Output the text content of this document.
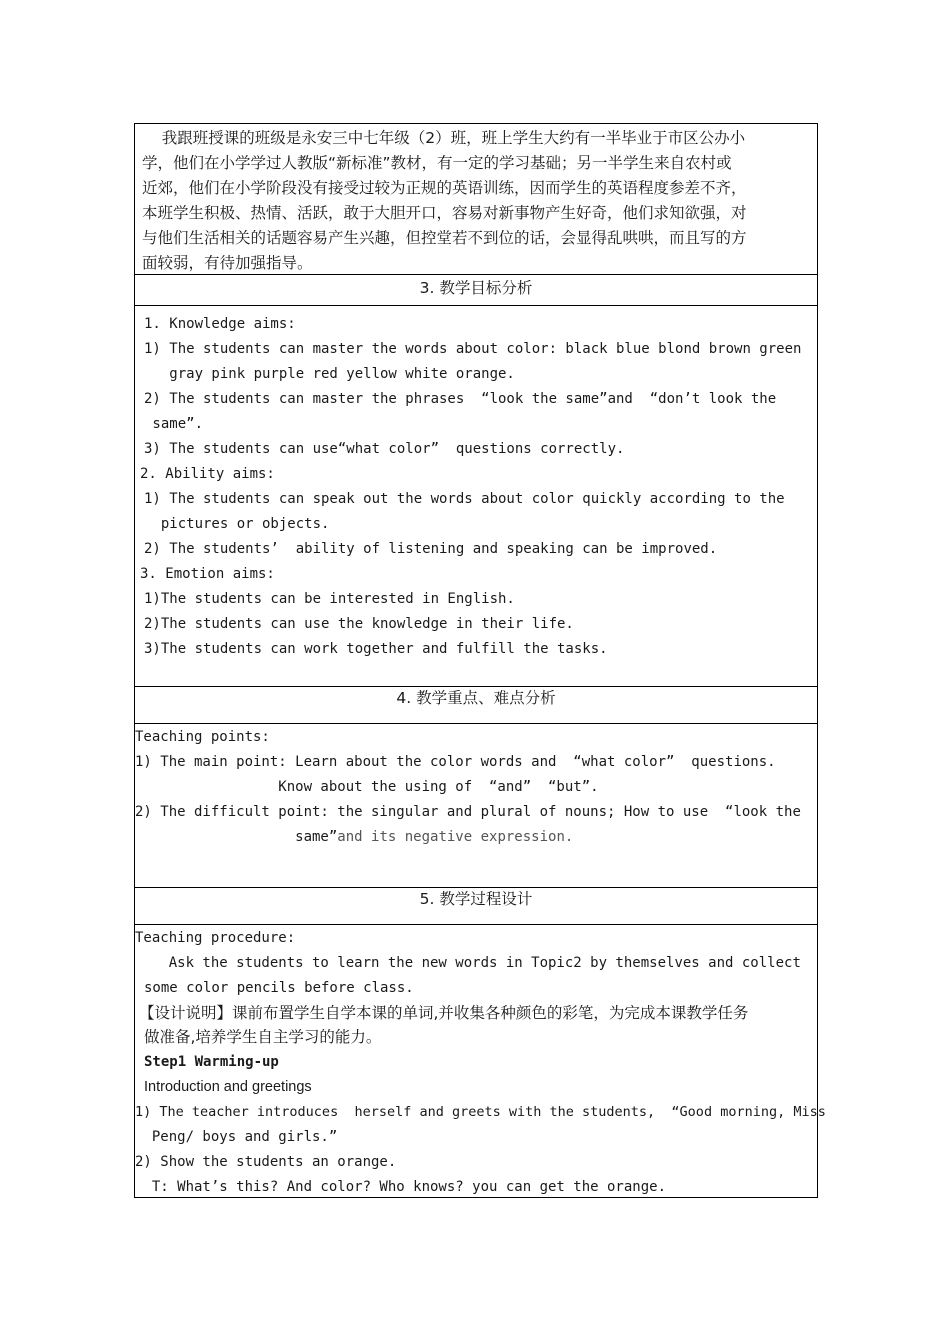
我跟班授课的班级是永安三中七年级（2）班，班上学生大约有一半毕业于市区公办小
学，他们在小学学过人教版“新标准”教材，有一定的学习基础；另一半学生来自农村或
近郊，他们在小学阶段没有接受过较为正规的英语训练，因而学生的英语程度参差不齐，
本班学生积极、热情、活跃，敢于大胆开口，容易对新事物产生好奇，他们求知欲强，对
与他们生活相关的话题容易产生兴趣，但控堂若不到位的话，会显得乱哄哄，而且写的方
面较弱，有待加强指导。
3. 教学目标分析
1. Knowledge aims:
1) The students can master the words about color: black blue blond brown green
gray pink purple red yellow white orange.
2) The students can master the phrases  “look the same”and  “don’t look the
same”.
3) The students can use“what color”  questions correctly.
2. Ability aims:
1) The students can speak out the words about color quickly according to the
pictures or objects.
2) The students’  ability of listening and speaking can be improved.
3. Emotion aims:
1)The students can be interested in English.
2)The students can use the knowledge in their life.
3)The students can work together and fulfill the tasks.
4. 教学重点、难点分析
Teaching points:
1) The main point: Learn about the color words and  “what color”  questions.
Know about the using of  “and”  “but”.
2) The difficult point: the singular and plural of nouns; How to use  “look the
same”and its negative expression.
5. 教学过程设计
Teaching procedure:
Ask the students to learn the new words in Topic2 by themselves and collect
some color pencils before class.
【设计说明】课前布置学生自学本课的单词,并收集各种颜色的彩笔，为完成本课教学任务
做准备,培养学生自主学习的能力。
Step1 Warming-up
Introduction and greetings
1) The teacher introduces  herself and greets with the students,  “Good morning, Miss
Peng/ boys and girls.”
2) Show the students an orange.
T: What’s this? And color? Who knows? you can get the orange.
